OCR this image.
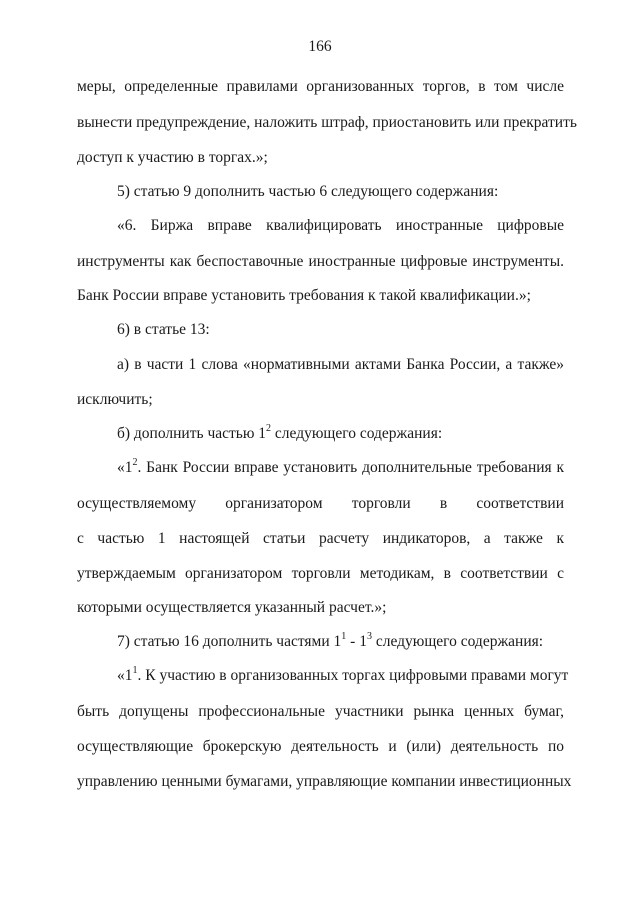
166
меры, определенные правилами организованных торгов, в том числе
вынести предупреждение, наложить штраф, приостановить или прекратить
доступ к участию в торгах.»;
5) статью 9 дополнить частью 6 следующего содержания:
«6. Биржа вправе квалифицировать иностранные цифровые
инструменты как беспоставочные иностранные цифровые инструменты.
Банк России вправе установить требования к такой квалификации.»;
6) в статье 13:
а) в части 1 слова «нормативными актами Банка России, а также»
исключить;
б) дополнить частью $1^2$ следующего содержания:
«$1^2$. Банк России вправе установить дополнительные требования к
осуществляемому организатором торговли в соответствии
с частью 1 настоящей статьи расчету индикаторов, а также к
утверждаемым организатором торговли методикам, в соответствии с
которыми осуществляется указанный расчет.»;
7) статью 16 дополнить частями $1^1 - 1^3$ следующего содержания:
«$1^1$. К участию в организованных торгах цифровыми правами могут
быть допущены профессиональные участники рынка ценных бумаг,
осуществляющие брокерскую деятельность и (или) деятельность по
управлению ценными бумагами, управляющие компании инвестиционных
